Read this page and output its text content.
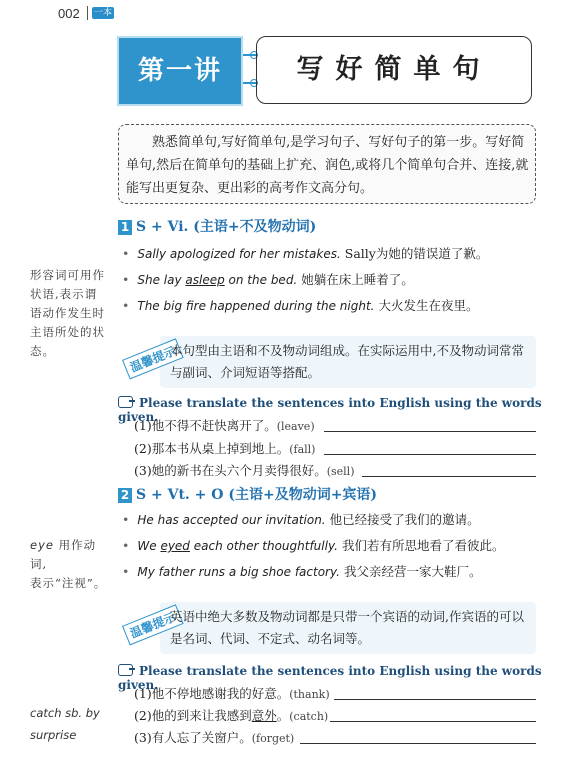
002 一本
第一讲	写好简单句
熟悉简单句,写好简单句,是学习句子、写好句子的第一步。写好简单句,然后在简单句的基础上扩充、润色,或将几个简单句合并、连接,就能写出更复杂、更出彩的高考作文高分句。
1 S + Vi. (主语+不及物动词)
• Sally apologized for her mistakes. Sally为她的错误道了歉。
• She lay asleep on the bed. 她躺在床上睡着了。
• The big fire happened during the night. 大火发生在夜里。
形容词可用作状语,表示谓语动作发生时主语所处的状态。	温馨提示
本句型由主语和不及物动词组成。在实际运用中,不及物动词常常
与副词、介词短语等搭配。
Please translate the sentences into English using the words given.
(1)他不得不赶快离开了。(leave)
(2)那本书从桌上掉到地上。(fall)
(3)她的新书在头六个月卖得很好。(sell)
2 S + Vt. + O (主语+及物动词+宾语)
• He has accepted our invitation. 他已经接受了我们的邀请。
• We eyed each other thoughtfully. 我们若有所思地看了看彼此。
• My father runs a big shoe factory. 我父亲经营一家大鞋厂。
eye 用作动词,
表示“注视”。
温馨提示
英语中绝大多数及物动词都是只带一个宾语的动词,作宾语的可以
是名词、代词、不定式、动名词等。
Please translate the sentences into English using the words given.
(1)他不停地感谢我的好意。(thank)
(2)他的到来让我感到意外。(catch)
(3)有人忘了关窗户。(forget)
catch sb. by
surprise
